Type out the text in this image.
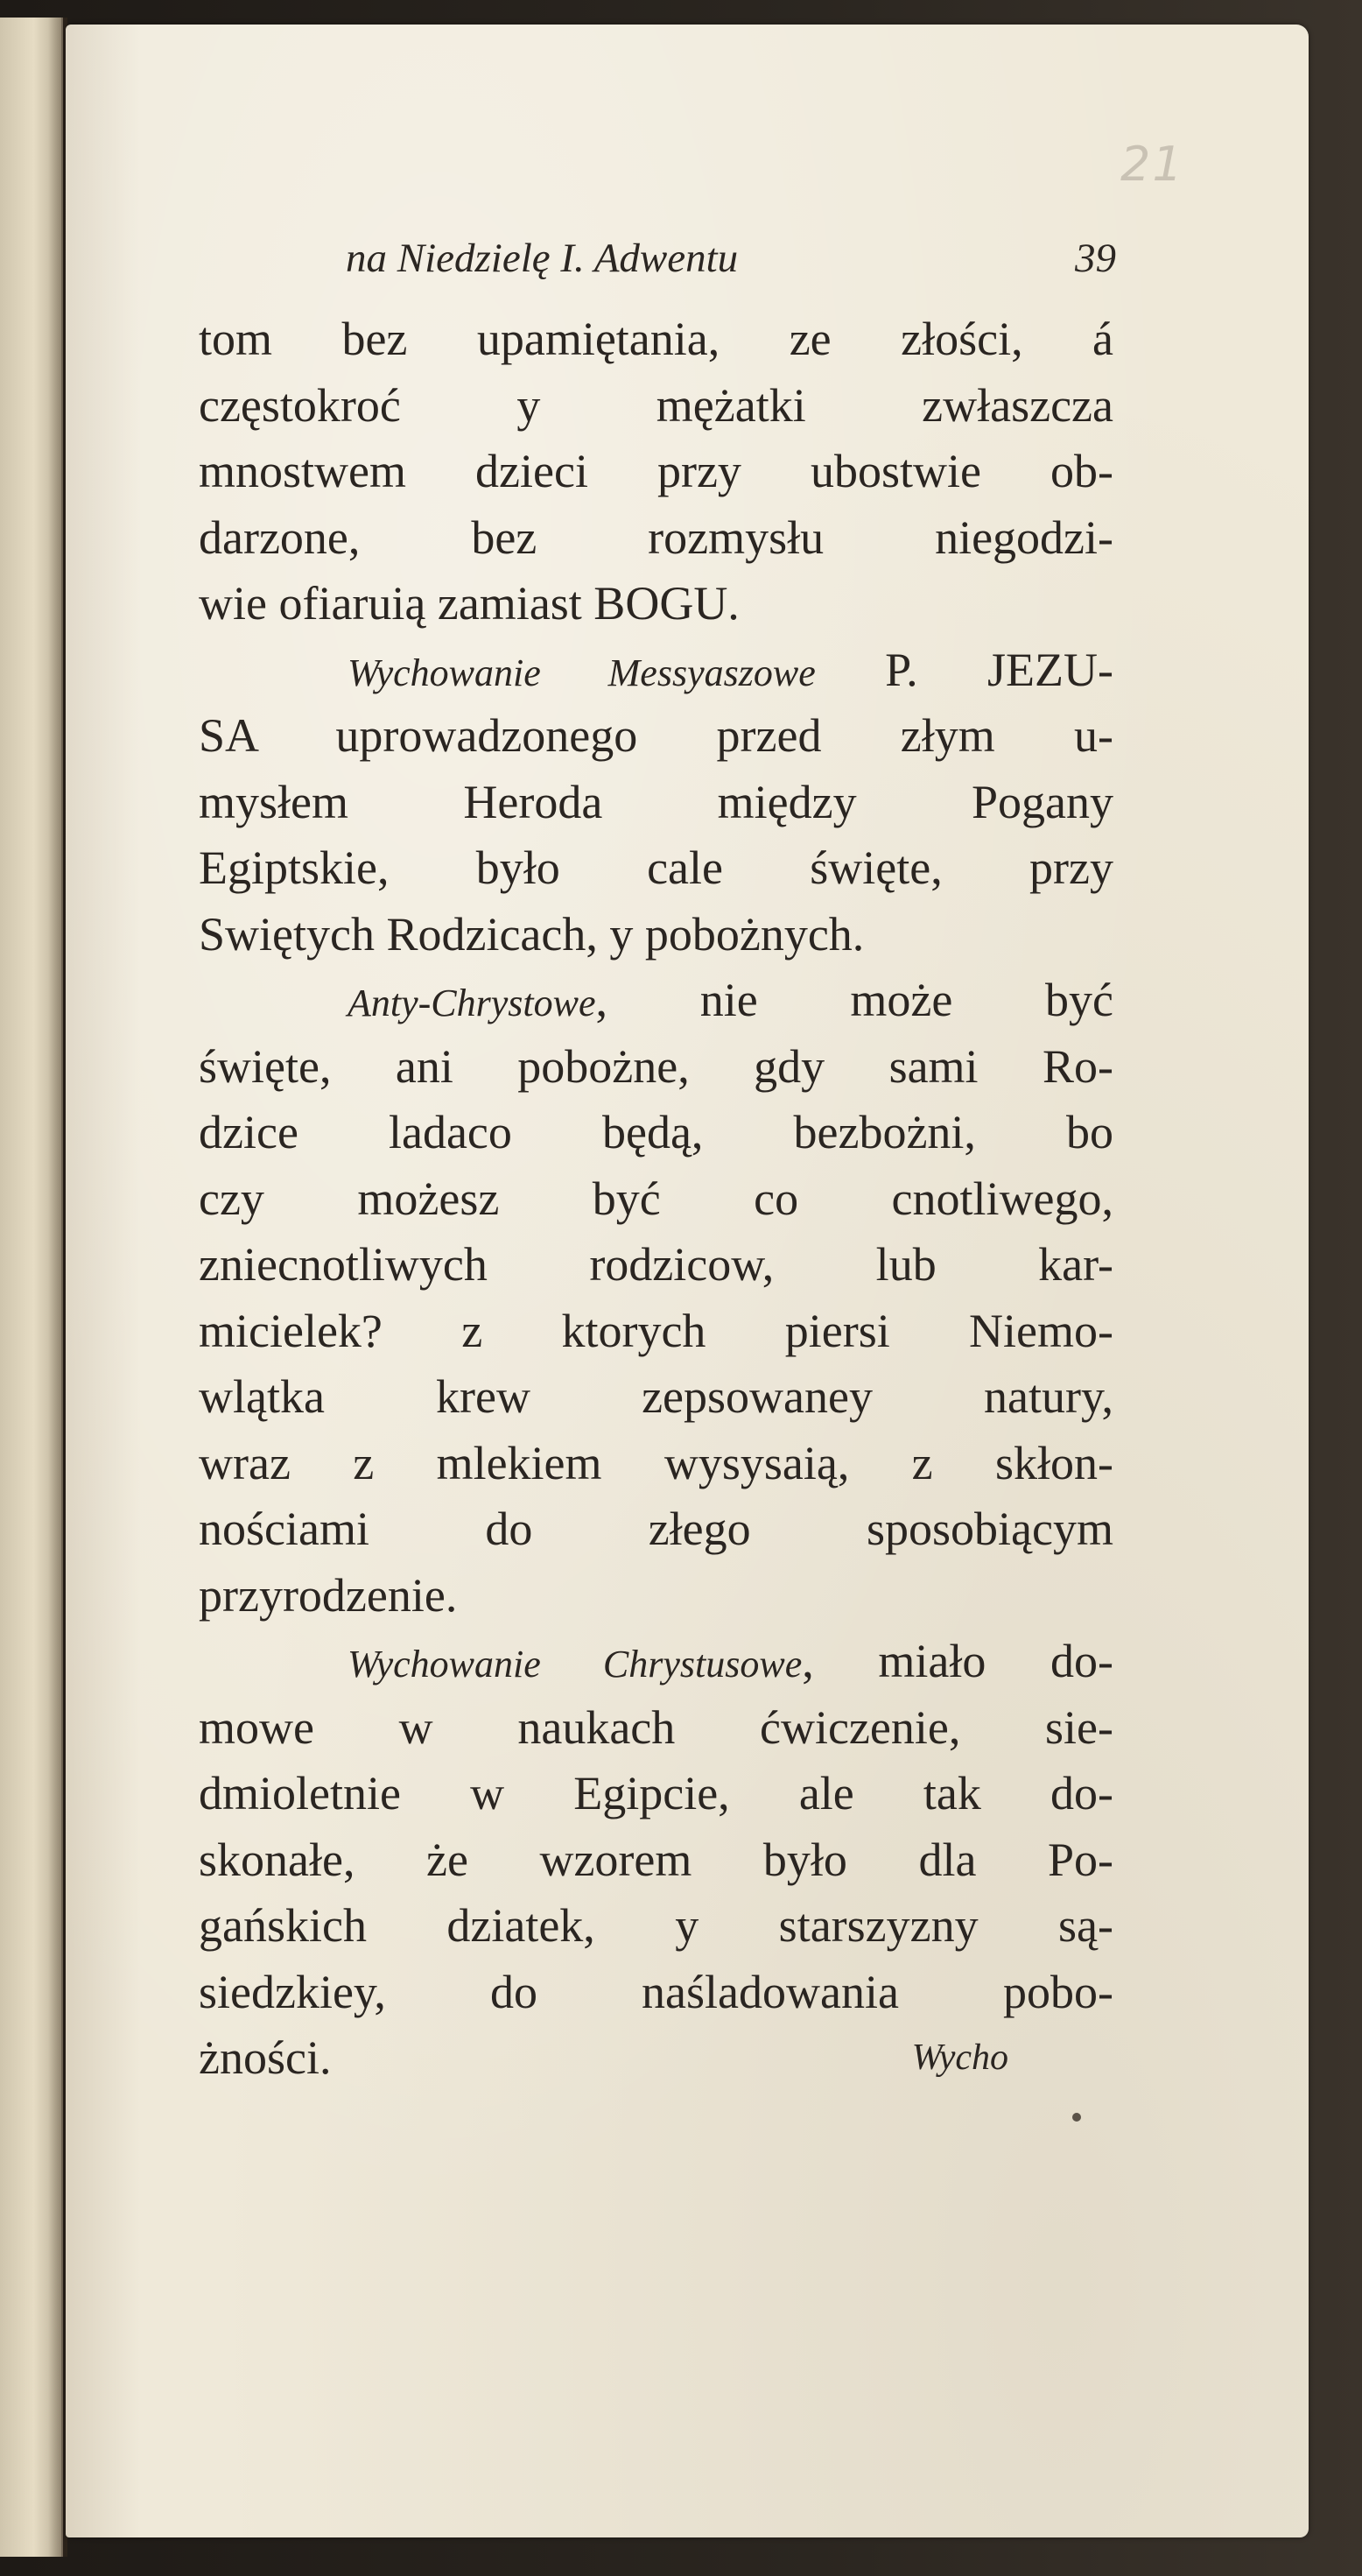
21
na Niedzielę I. Adwentu	39
tom bez upamiętania, ze złości, á
częstokroć y mężatki zwłaszcza
mnostwem dzieci przy ubostwie ob-
darzone, bez rozmysłu niegodzi-
wie ofiaruią zamiast BOGU.
Wychowanie Messyaszowe P. JEZU-
SA uprowadzonego przed złym u-
mysłem Heroda między Pogany
Egiptskie, było cale święte, przy
Swiętych Rodzicach, y pobożnych.
Anty-Chrystowe, nie może być
święte, ani pobożne, gdy sami Ro-
dzice ladaco będą, bezbożni, bo
czy możesz być co cnotliwego,
zniecnotliwych rodzicow, lub kar-
micielek? z ktorych piersi Niemo-
wlątka krew zepsowaney natury,
wraz z mlekiem wysysaią, z skłon-
nościami do złego sposobiącym
przyrodzenie.
Wychowanie Chrystusowe, miało do-
mowe w naukach ćwiczenie, sie-
dmioletnie w Egipcie, ale tak do-
skonałe, że wzorem było dla Po-
gańskich dziatek, y starszyzny są-
siedzkiey, do naśladowania pobo-
żności.	Wycho
